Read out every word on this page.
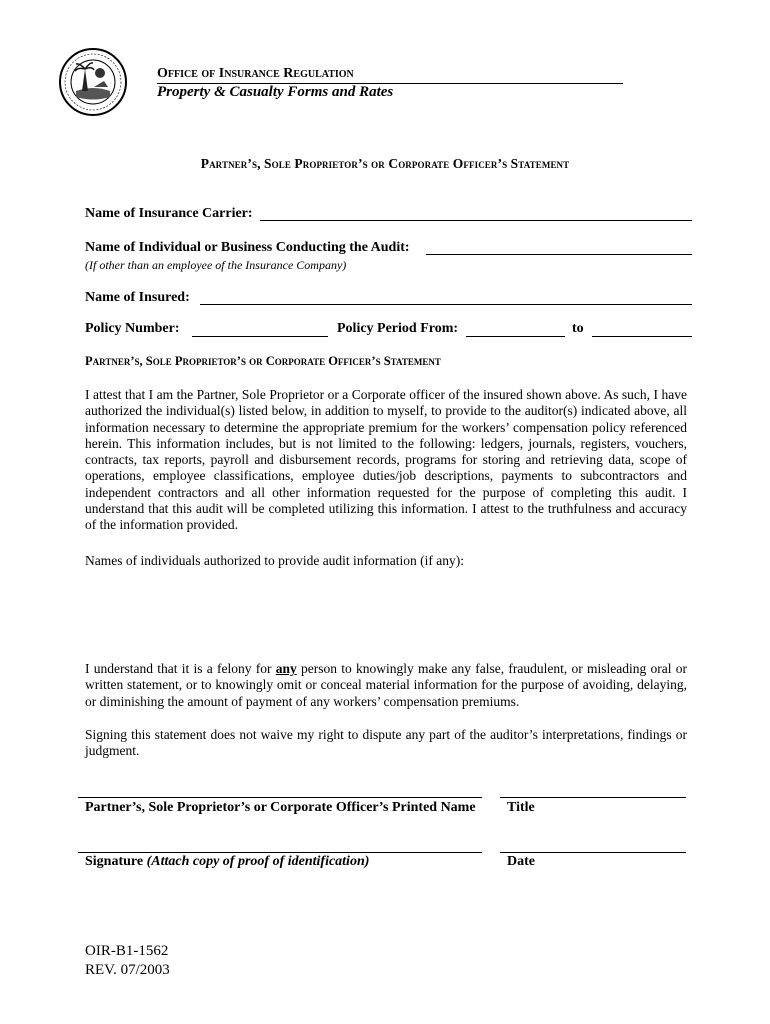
Office of Insurance Regulation
Property & Casualty Forms and Rates
Partner’s, Sole Proprietor’s or Corporate Officer’s Statement
Name of Insurance Carrier:
Name of Individual or Business Conducting the Audit:
(If other than an employee of the Insurance Company)
Name of Insured:
Policy Number:	Policy Period From:	to
Partner’s, Sole Proprietor’s or Corporate Officer’s Statement

I attest that I am the Partner, Sole Proprietor or a Corporate officer of the insured shown above. As such, I have authorized the individual(s) listed below, in addition to myself, to provide to the auditor(s) indicated above, all information necessary to determine the appropriate premium for the workers’ compensation policy referenced herein. This information includes, but is not limited to the following: ledgers, journals, registers, vouchers, contracts, tax reports, payroll and disbursement records, programs for storing and retrieving data, scope of operations, employee classifications, employee duties/job descriptions, payments to subcontractors and independent contractors and all other information requested for the purpose of completing this audit. I understand that this audit will be completed utilizing this information. I attest to the truthfulness and accuracy of the information provided.

Names of individuals authorized to provide audit information (if any):

I understand that it is a felony for any person to knowingly make any false, fraudulent, or misleading oral or written statement, or to knowingly omit or conceal material information for the purpose of avoiding, delaying, or diminishing the amount of payment of any workers’ compensation premiums.

Signing this statement does not waive my right to dispute any part of the auditor’s interpretations, findings or judgment.

Partner’s, Sole Proprietor’s or Corporate Officer’s Printed Name Title
Signature (Attach copy of proof of identification)	Date
OIR-B1-1562
REV. 07/2003
